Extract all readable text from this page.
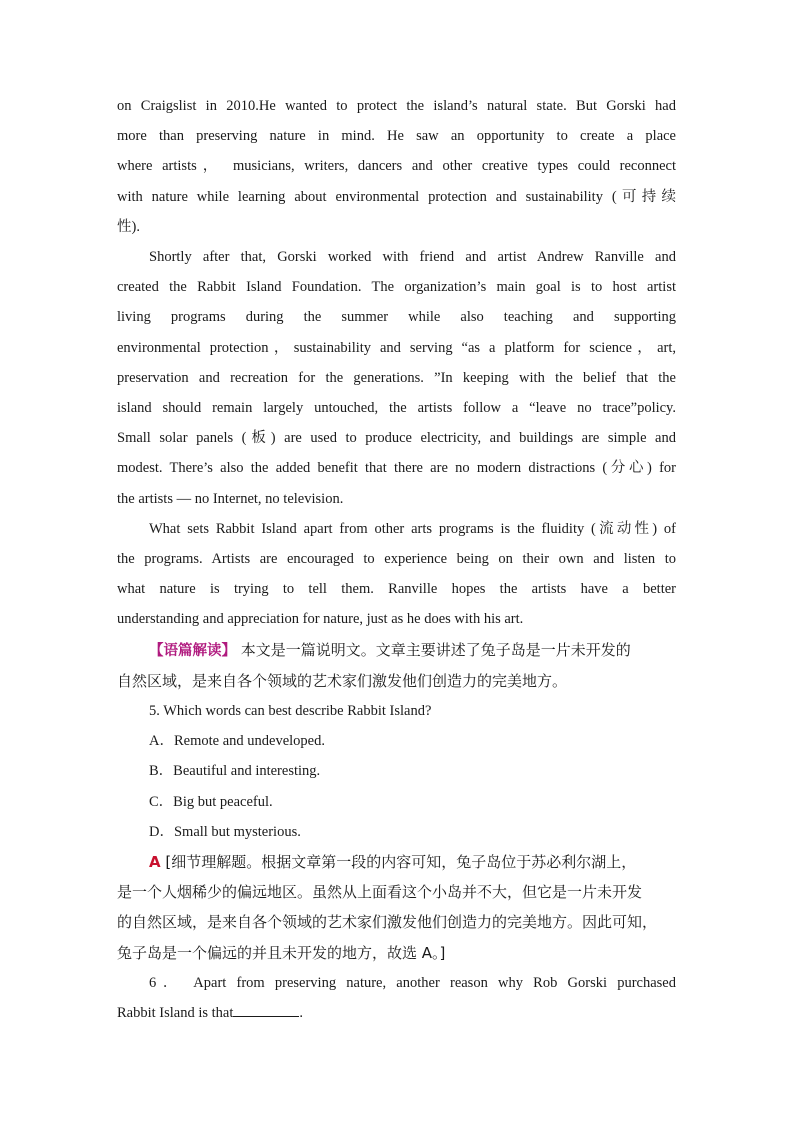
on Craigslist in 2010.He wanted to protect the island’s natural state. But Gorski had

more than preserving nature in mind. He saw an opportunity to create a place

where artists， musicians, writers, dancers and other creative types could reconnect

with nature while learning about environmental protection and sustainability (可持续

性).

Shortly after that, Gorski worked with friend and artist Andrew Ranville and

created the Rabbit Island Foundation. The organization’s main goal is to host artist

living programs during the summer while also teaching and supporting

environmental protection，sustainability and serving “as a platform for science，art,

preservation and recreation for the generations. ”In keeping with the belief that the

island should remain largely untouched, the artists follow a “leave no trace”policy.

Small solar panels (板) are used to produce electricity, and buildings are simple and

modest. There’s also the added benefit that there are no modern distractions (分心) for

the artists — no Internet, no television.

What sets Rabbit Island apart from other arts programs is the fluidity (流动性) of

the programs. Artists are encouraged to experience being on their own and listen to

what nature is trying to tell them. Ranville hopes the artists have a better

understanding and appreciation for nature, just as he does with his art.

【语篇解读】 本文是一篇说明文。文章主要讲述了兔子岛是一片未开发的

自然区域，是来自各个领域的艺术家们激发他们创造力的完美地方。

5. Which words can best describe Rabbit Island?

A．Remote and undeveloped.

B．Beautiful and interesting.

C．Big but peaceful.

D．Small but mysterious.

A [细节理解题。根据文章第一段的内容可知，兔子岛位于苏必利尔湖上，

是一个人烟稀少的偏远地区。虽然从上面看这个小岛并不大，但它是一片未开发

的自然区域，是来自各个领域的艺术家们激发他们创造力的完美地方。因此可知，

兔子岛是一个偏远的并且未开发的地方，故选 A。]

6． Apart from preserving nature, another reason why Rob Gorski purchased

Rabbit Island is that	.
